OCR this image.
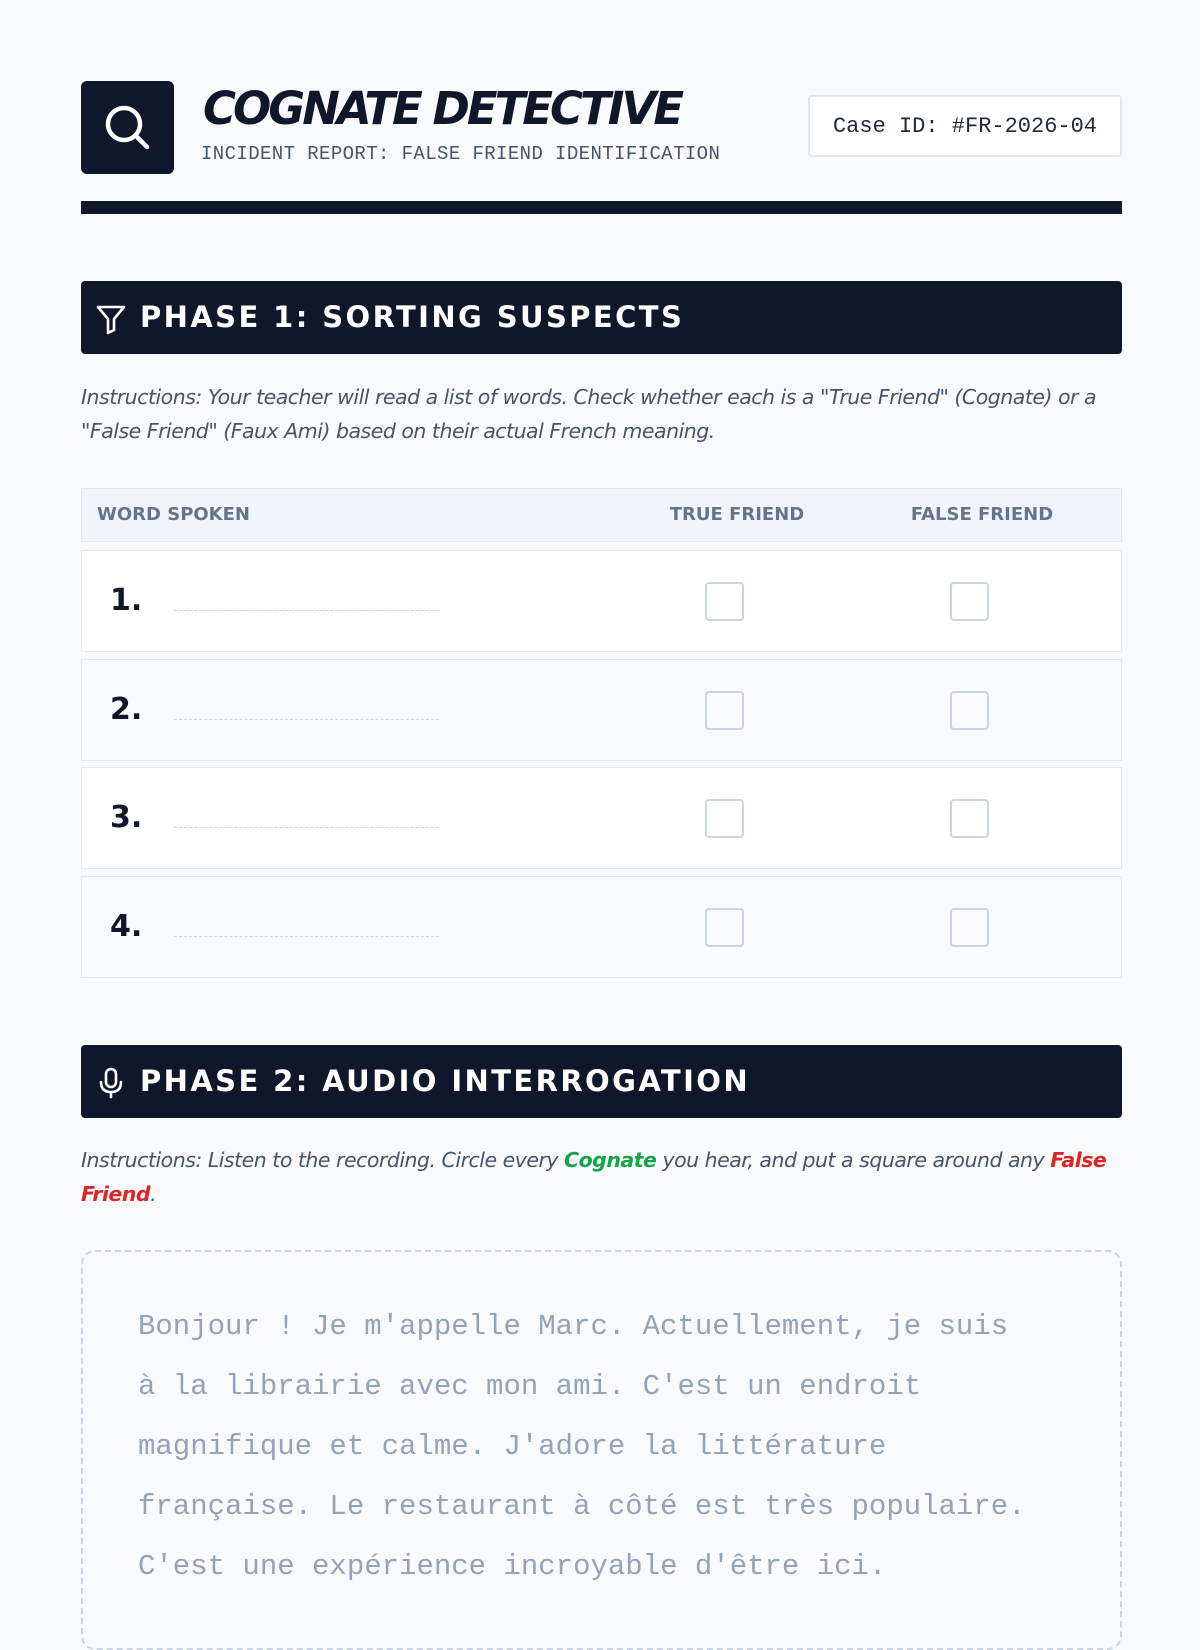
COGNATE DETECTIVE
INCIDENT REPORT: FALSE FRIEND IDENTIFICATION
Case ID: #FR-2026-04
PHASE 1: SORTING SUSPECTS
Instructions: Your teacher will read a list of words. Check whether each is a "True Friend" (Cognate) or a "False Friend" (Faux Ami) based on their actual French meaning.
WORD SPOKEN	TRUE FRIEND	FALSE FRIEND
1.
2.
3.
4.
PHASE 2: AUDIO INTERROGATION
Instructions: Listen to the recording. Circle every Cognate you hear, and put a square around any False Friend.
Bonjour ! Je m'appelle Marc. Actuellement, je suis
à la librairie avec mon ami. C'est un endroit
magnifique et calme. J'adore la littérature
française. Le restaurant à côté est très populaire.
C'est une expérience incroyable d'être ici.
